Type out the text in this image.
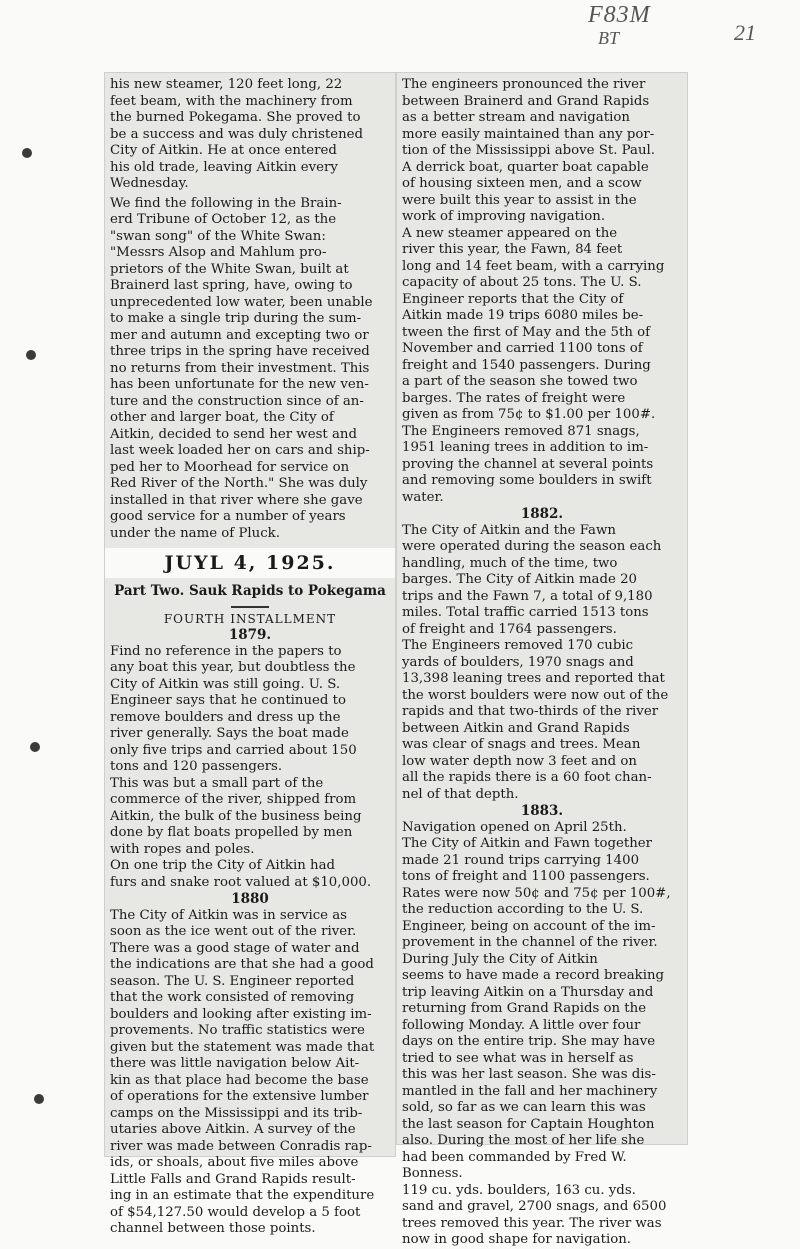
F83M
BT	21
his new steamer, 120 feet long, 22
feet beam, with the machinery from
the burned Pokegama. She proved to
be a success and was duly christened
City of Aitkin. He at once entered
his old trade, leaving Aitkin every
Wednesday.
We find the following in the Brain-
erd Tribune of October 12, as the
"swan song" of the White Swan:
"Messrs Alsop and Mahlum pro-
prietors of the White Swan, built at
Brainerd last spring, have, owing to
unprecedented low water, been unable
to make a single trip during the sum-
mer and autumn and excepting two or
three trips in the spring have received
no returns from their investment. This
has been unfortunate for the new ven-
ture and the construction since of an-
other and larger boat, the City of
Aitkin, decided to send her west and
last week loaded her on cars and ship-
ped her to Moorhead for service on
Red River of the North." She was duly
installed in that river where she gave
good service for a number of years
under the name of Pluck.
JUYL 4, 1925.
Part Two. Sauk Rapids to Pokegama
FOURTH INSTALLMENT
1879.
Find no reference in the papers to
any boat this year, but doubtless the
City of Aitkin was still going. U. S.
Engineer says that he continued to
remove boulders and dress up the
river generally. Says the boat made
only five trips and carried about 150
tons and 120 passengers.
This was but a small part of the
commerce of the river, shipped from
Aitkin, the bulk of the business being
done by flat boats propelled by men
with ropes and poles.
On one trip the City of Aitkin had
furs and snake root valued at $10,000.
1880
The City of Aitkin was in service as
soon as the ice went out of the river.
There was a good stage of water and
the indications are that she had a good
season. The U. S. Engineer reported
that the work consisted of removing
boulders and looking after existing im-
provements. No traffic statistics were
given but the statement was made that
there was little navigation below Ait-
kin as that place had become the base
of operations for the extensive lumber
camps on the Mississippi and its trib-
utaries above Aitkin. A survey of the
river was made between Conradis rap-
ids, or shoals, about five miles above
Little Falls and Grand Rapids result-
ing in an estimate that the expenditure
of $54,127.50 would develop a 5 foot
channel between those points.
The engineers pronounced the river
between Brainerd and Grand Rapids
as a better stream and navigation
more easily maintained than any por-
tion of the Mississippi above St. Paul.
A derrick boat, quarter boat capable
of housing sixteen men, and a scow
were built this year to assist in the
work of improving navigation.
A new steamer appeared on the
river this year, the Fawn, 84 feet
long and 14 feet beam, with a carrying
capacity of about 25 tons. The U. S.
Engineer reports that the City of
Aitkin made 19 trips 6080 miles be-
tween the first of May and the 5th of
November and carried 1100 tons of
freight and 1540 passengers. During
a part of the season she towed two
barges. The rates of freight were
given as from 75¢ to $1.00 per 100#.
The Engineers removed 871 snags,
1951 leaning trees in addition to im-
proving the channel at several points
and removing some boulders in swift
water.
1882.
The City of Aitkin and the Fawn
were operated during the season each
handling, much of the time, two
barges. The City of Aitkin made 20
trips and the Fawn 7, a total of 9,180
miles. Total traffic carried 1513 tons
of freight and 1764 passengers.
The Engineers removed 170 cubic
yards of boulders, 1970 snags and
13,398 leaning trees and reported that
the worst boulders were now out of the
rapids and that two-thirds of the river
between Aitkin and Grand Rapids
was clear of snags and trees. Mean
low water depth now 3 feet and on
all the rapids there is a 60 foot chan-
nel of that depth.
1883.
Navigation opened on April 25th.
The City of Aitkin and Fawn together
made 21 round trips carrying 1400
tons of freight and 1100 passengers.
Rates were now 50¢ and 75¢ per 100#,
the reduction according to the U. S.
Engineer, being on account of the im-
provement in the channel of the river.
During July the City of Aitkin
seems to have made a record breaking
trip leaving Aitkin on a Thursday and
returning from Grand Rapids on the
following Monday. A little over four
days on the entire trip. She may have
tried to see what was in herself as
this was her last season. She was dis-
mantled in the fall and her machinery
sold, so far as we can learn this was
the last season for Captain Houghton
also. During the most of her life she
had been commanded by Fred W.
Bonness.
119 cu. yds. boulders, 163 cu. yds.
sand and gravel, 2700 snags, and 6500
trees removed this year. The river was
now in good shape for navigation.
